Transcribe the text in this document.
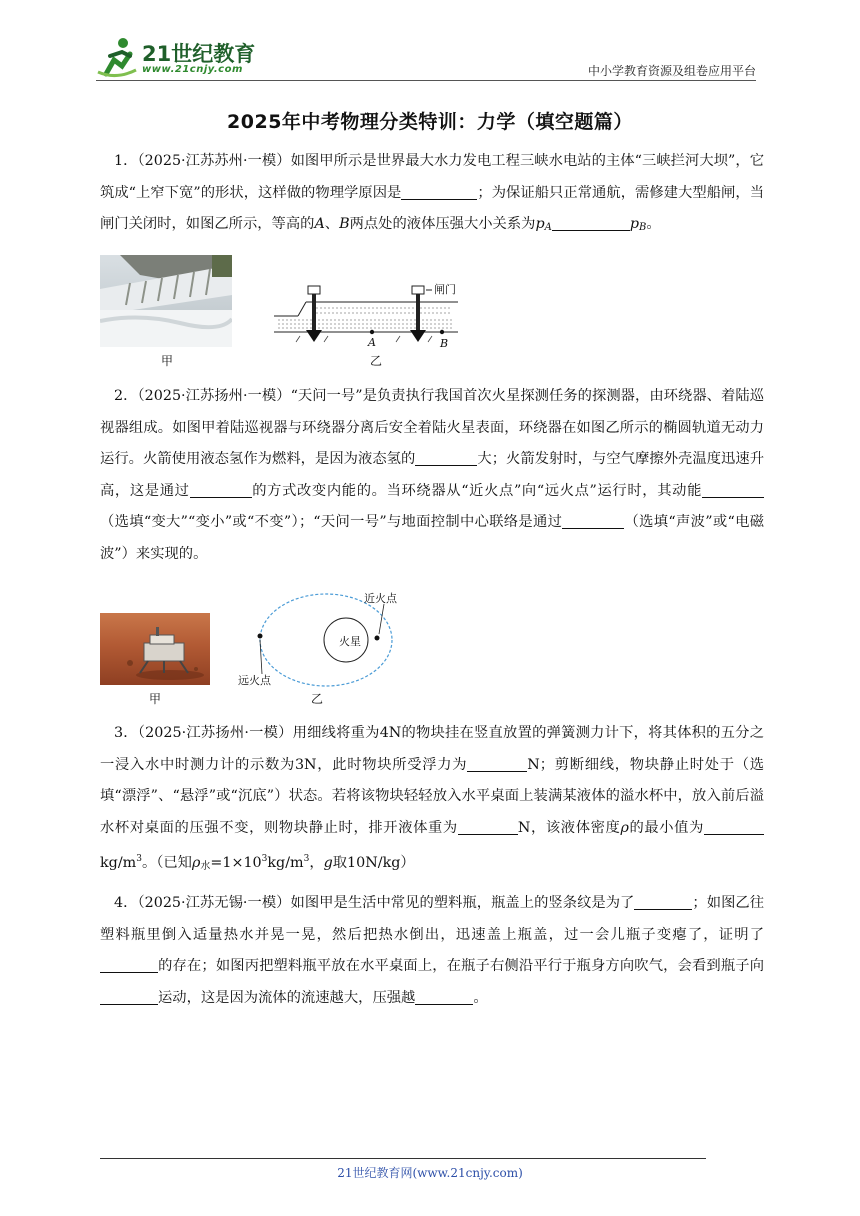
21世纪教育
www.21cnjy.com	中小学教育资源及组卷应用平台
2025年中考物理分类特训：力学（填空题篇）
1．（2025·江苏苏州·一模）如图甲所示是世界最大水力发电工程三峡水电站的主体“三峡拦河大坝”，它筑成“上窄下宽”的形状，这样做的物理学原因是	；为保证船只正常通航，需修建大型船闸，当闸门关闭时，如图乙所示，等高的A、B两点处的液体压强大小关系为$p_A$	$p_B$。
甲
闸门
A	B
乙
2．（2025·江苏扬州·一模）“天问一号”是负责执行我国首次火星探测任务的探测器，由环绕器、着陆巡视器组成。如图甲着陆巡视器与环绕器分离后安全着陆火星表面，环绕器在如图乙所示的椭圆轨道无动力运行。火箭使用液态氢作为燃料，是因为液态氢的	大；火箭发射时，与空气摩擦外壳温度迅速升高，这是通过	的方式改变内能的。当环绕器从“近火点”向“远火点”运行时，其动能（选填“变大”“变小”或“不变”）；“天问一号”与地面控制中心联络是通过	（选填“声波”或“电磁波”）来实现的。
甲
火星
近火点
远火点
乙
3．（2025·江苏扬州·一模）用细线将重为4N的物块挂在竖直放置的弹簧测力计下，将其体积的五分之一浸入水中时测力计的示数为3N，此时物块所受浮力为	N；剪断细线，物块静止时处于（选填“漂浮”、“悬浮”或“沉底”）状态。若将该物块轻轻放入水平桌面上装满某液体的溢水杯中，放入前后溢水杯对桌面的压强不变，则物块静止时，排开液体重为	N，该液体密度ρ的最小值为$kg/m^3$。（已知$\rho_水=1\times 10^3kg/m^3$，g取10N/kg）
4．（2025·江苏无锡·一模）如图甲是生活中常见的塑料瓶，瓶盖上的竖条纹是为了	；如图乙往塑料瓶里倒入适量热水并晃一晃，然后把热水倒出，迅速盖上瓶盖，过一会儿瓶子变瘪了，证明了的存在；如图丙把塑料瓶平放在水平桌面上，在瓶子右侧沿平行于瓶身方向吹气，会看到瓶子向运动，这是因为流体的流速越大，压强越	。
21世纪教育网(www.21cnjy.com)
